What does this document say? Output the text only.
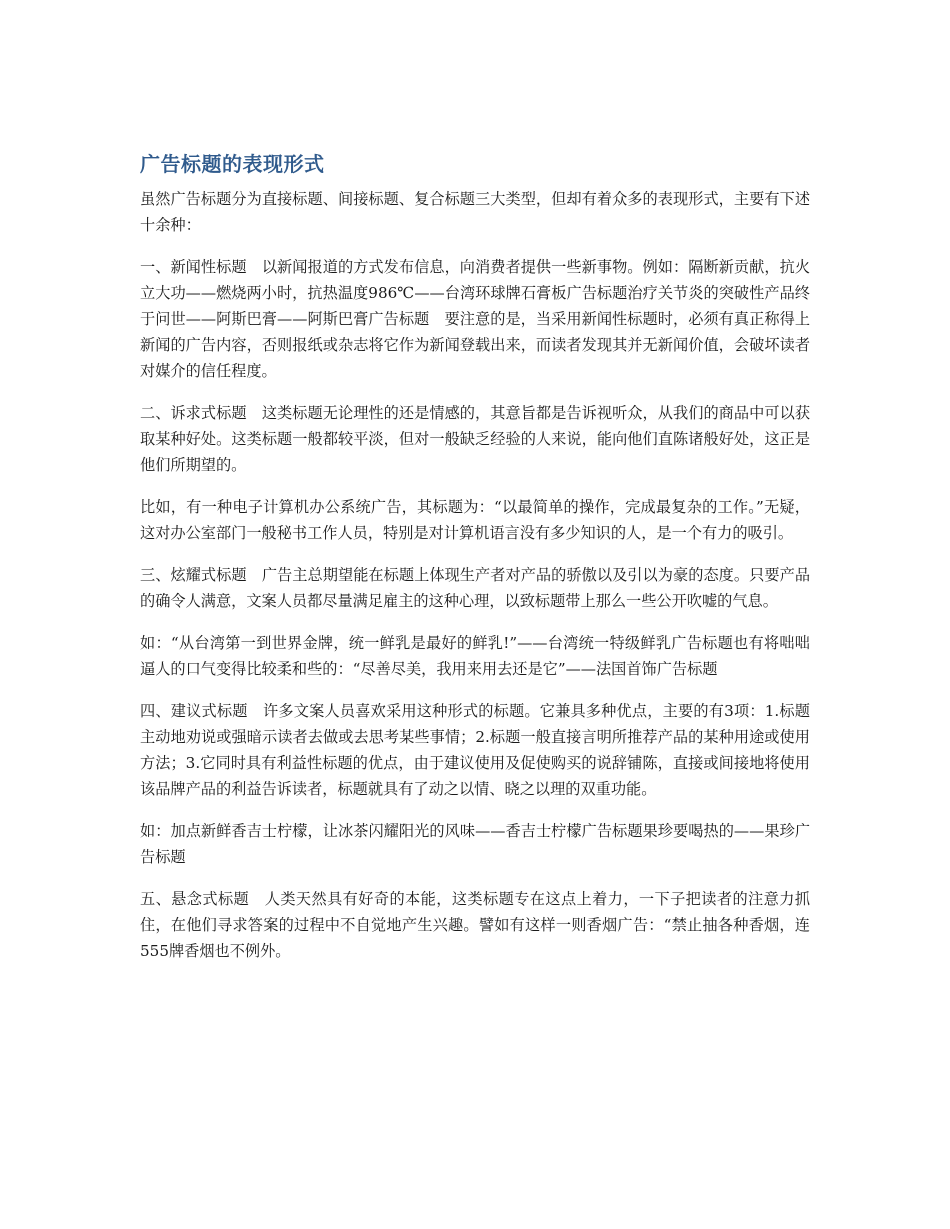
广告标题的表现形式

虽然广告标题分为直接标题、间接标题、复合标题三大类型，但却有着众多的表现形式，主要有下述十余种：

一、新闻性标题　以新闻报道的方式发布信息，向消费者提供一些新事物。例如：隔断新贡献，抗火立大功——燃烧两小时，抗热温度986℃——台湾环球牌石膏板广告标题治疗关节炎的突破性产品终于问世——阿斯巴膏——阿斯巴膏广告标题　要注意的是，当采用新闻性标题时，必须有真正称得上新闻的广告内容，否则报纸或杂志将它作为新闻登载出来，而读者发现其并无新闻价值，会破坏读者对媒介的信任程度。

二、诉求式标题　这类标题无论理性的还是情感的，其意旨都是告诉视听众，从我们的商品中可以获取某种好处。这类标题一般都较平淡，但对一般缺乏经验的人来说，能向他们直陈诸般好处，这正是他们所期望的。

比如，有一种电子计算机办公系统广告，其标题为：“以最简单的操作，完成最复杂的工作。”无疑，这对办公室部门一般秘书工作人员，特别是对计算机语言没有多少知识的人，是一个有力的吸引。

三、炫耀式标题　广告主总期望能在标题上体现生产者对产品的骄傲以及引以为豪的态度。只要产品的确令人满意，文案人员都尽量满足雇主的这种心理，以致标题带上那么一些公开吹嘘的气息。

如：“从台湾第一到世界金牌，统一鲜乳是最好的鲜乳!”——台湾统一特级鲜乳广告标题也有将咄咄逼人的口气变得比较柔和些的：“尽善尽美，我用来用去还是它”——法国首饰广告标题

四、建议式标题　许多文案人员喜欢采用这种形式的标题。它兼具多种优点，主要的有3项：1.标题主动地劝说或强暗示读者去做或去思考某些事情；2.标题一般直接言明所推荐产品的某种用途或使用方法；3.它同时具有利益性标题的优点，由于建议使用及促使购买的说辞铺陈，直接或间接地将使用该品牌产品的利益告诉读者，标题就具有了动之以情、晓之以理的双重功能。

如：加点新鲜香吉士柠檬，让冰茶闪耀阳光的风味——香吉士柠檬广告标题果珍要喝热的——果珍广告标题

五、悬念式标题　人类天然具有好奇的本能，这类标题专在这点上着力，一下子把读者的注意力抓住，在他们寻求答案的过程中不自觉地产生兴趣。譬如有这样一则香烟广告：“禁止抽各种香烟，连555牌香烟也不例外。
